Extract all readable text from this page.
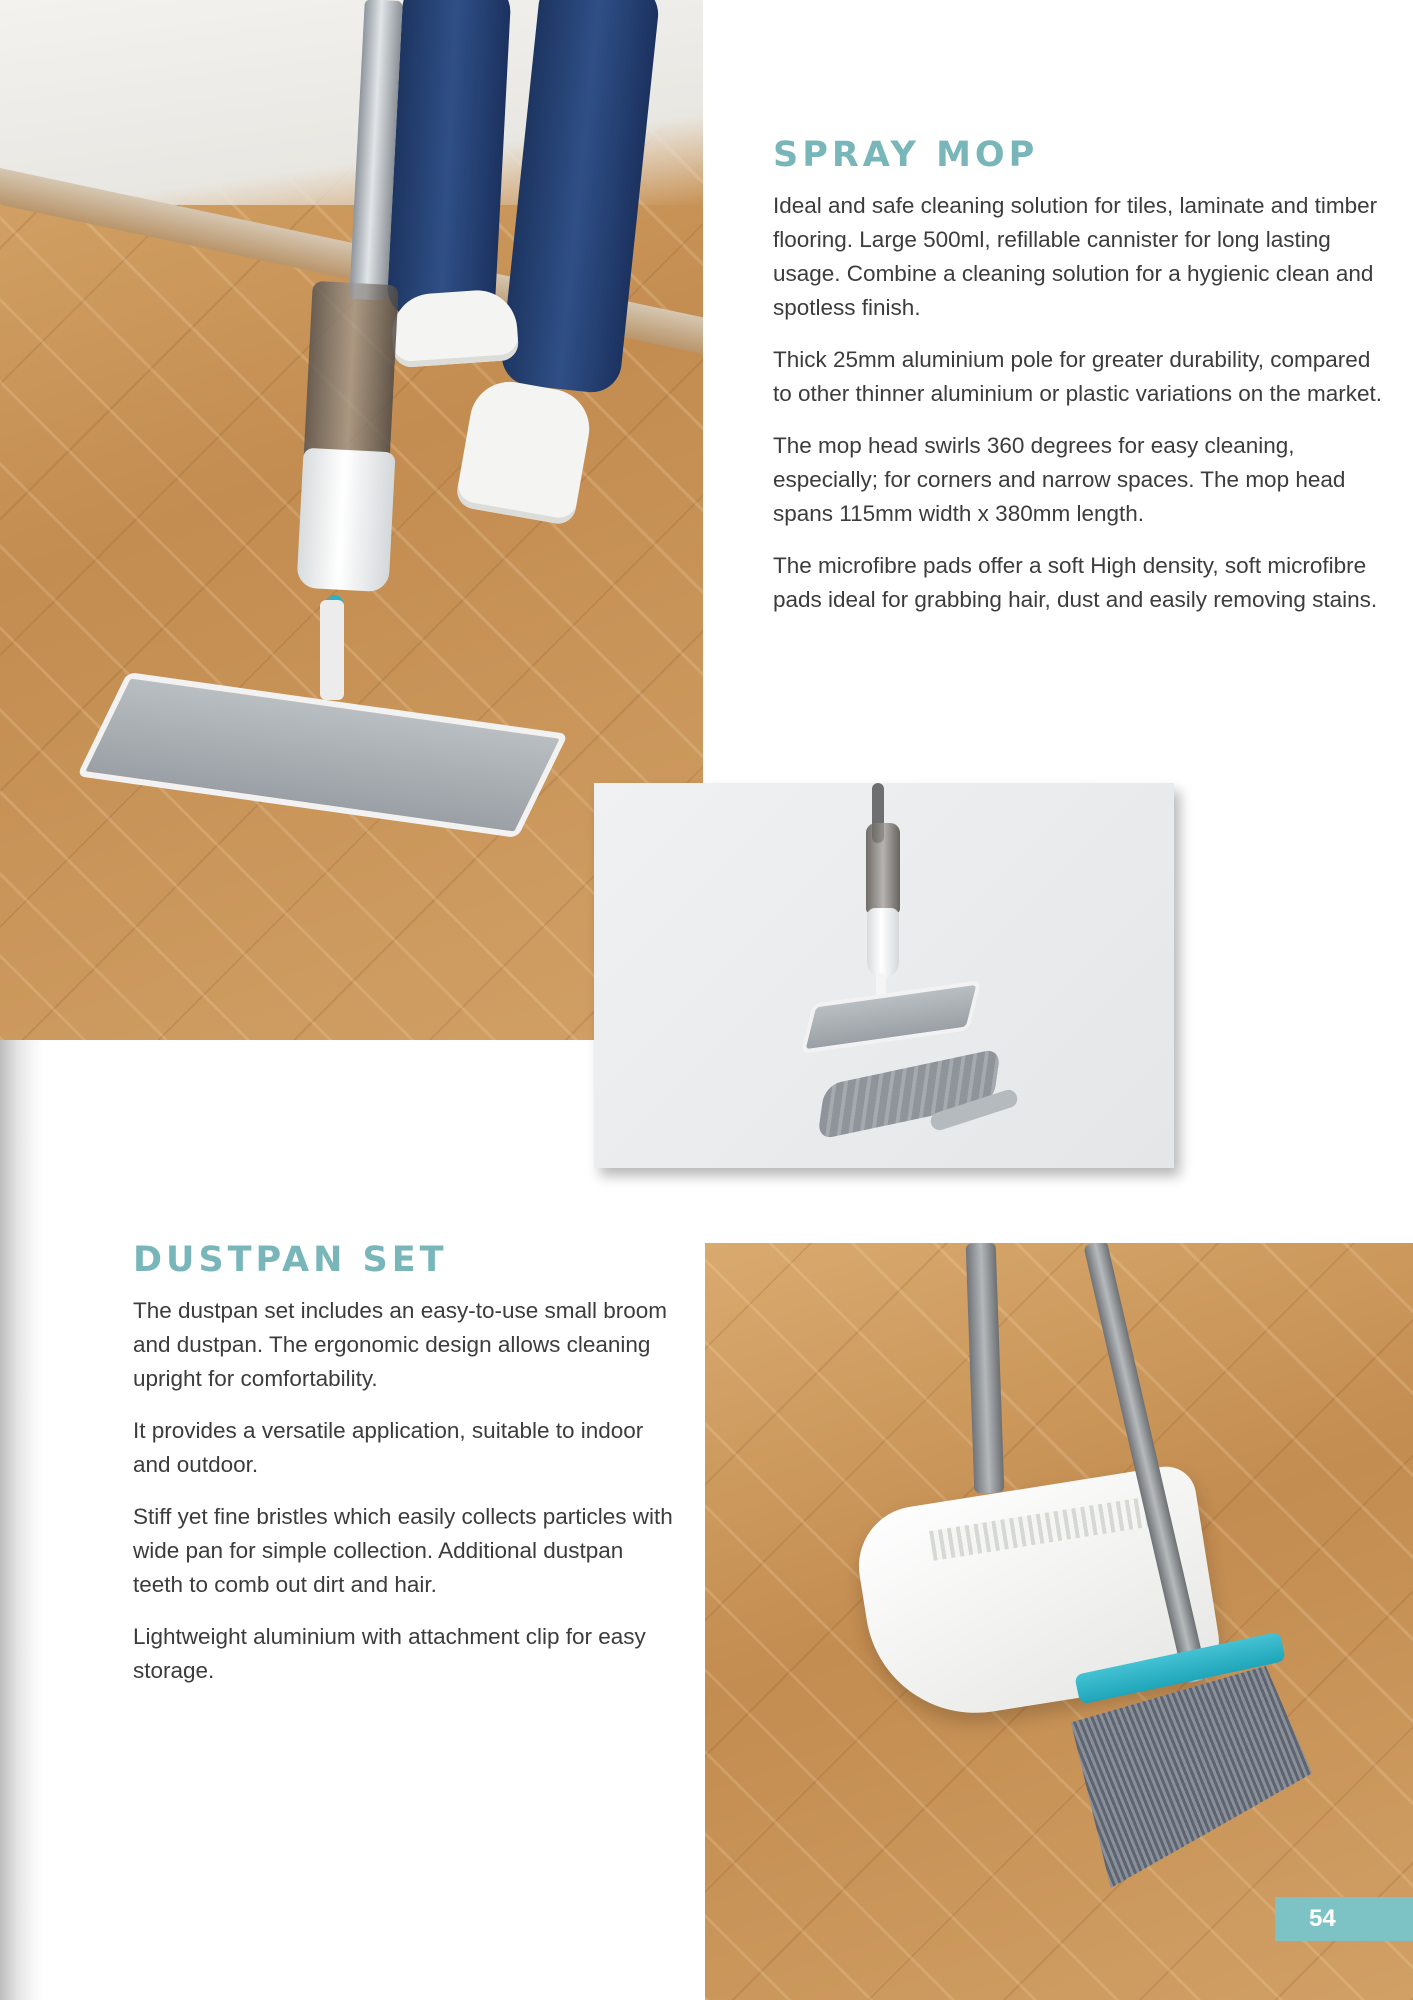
SPRAY MOP

Ideal and safe cleaning solution for tiles, laminate and timber flooring. Large 500ml, refillable cannister for long lasting usage. Combine a cleaning solution for a hygienic clean and spotless finish.

Thick 25mm aluminium pole for greater durability, compared to other thinner aluminium or plastic variations on the market.

The mop head swirls 360 degrees for easy cleaning, especially; for corners and narrow spaces. The mop head spans 115mm width x 380mm length.

The microfibre pads offer a soft High density, soft microfibre pads ideal for grabbing hair, dust and easily removing stains.

DUSTPAN SET

The dustpan set includes an easy-to-use small broom and dustpan. The ergonomic design allows cleaning upright for comfortability.

It provides a versatile application, suitable to indoor and outdoor.

Stiff yet fine bristles which easily collects particles with wide pan for simple collection. Additional dustpan teeth to comb out dirt and hair.

Lightweight aluminium with attachment clip for easy storage.

54
